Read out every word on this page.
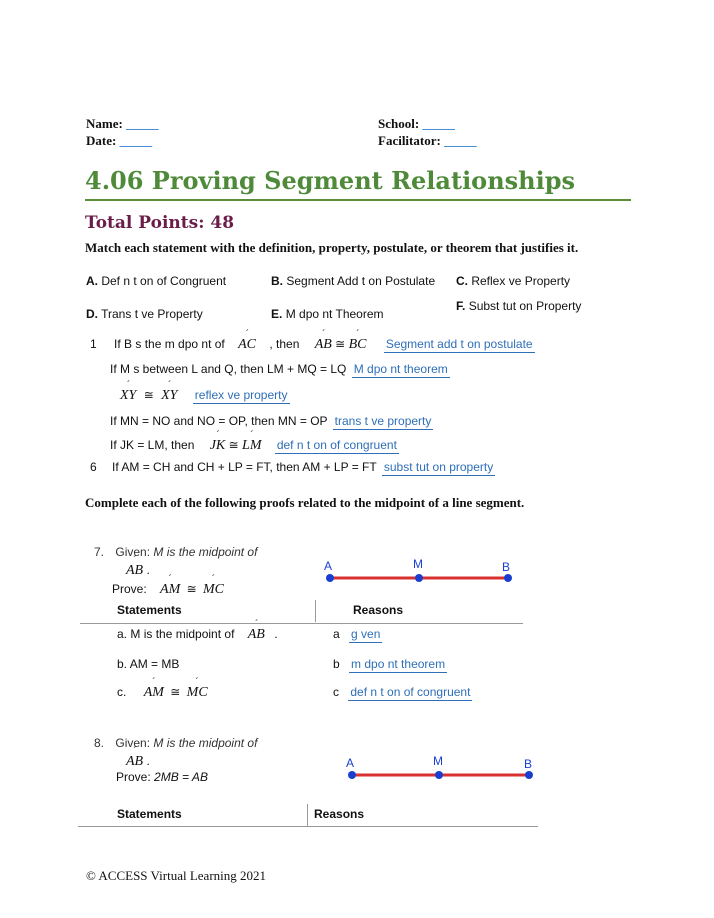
Name: _____
Date: _____
School: _____
Facilitator: _____
4.06 Proving Segment Relationships
Total Points: 48
Match each statement with the definition, property, postulate, or theorem that justifies it.
A. Def n t on of Congruent	B. Segment Add t on Postulate C. Reflex ve Property
D. Trans t ve Property	E. M dpo nt Theorem
F. Subst tut on Property
1 If B s the m dpo nt of ´ AC , then ´ AB ≅ ´ BC Segment add t on postulate
If M s between L and Q, then LM + MQ = LQ M dpo nt theorem
´ XY ≅ ´ XY reflex ve property
If MN = NO and NO = OP, then MN = OP trans t ve property
If JK = LM, then ´ JK ≅ ´ LM def n t on of congruent
6 If AM = CH and CH + LP = FT, then AM + LP = FT subst tut on property
Complete each of the following proofs related to the midpoint of a line segment.
7. Given: M is the midpoint of
´ AB .
Prove: ´ AM ≅ ´ MC
A	M	B
Statements	Reasons
a. M is the midpoint of ´ AB .	a g ven
b. AM = MB	b m dpo nt theorem
c. ´ AM ≅ ´ MC	c def n t on of congruent
8. Given: M is the midpoint of
´ AB .
Prove: 2MB = AB
A	M	B
Statements	Reasons
© ACCESS Virtual Learning 2021
